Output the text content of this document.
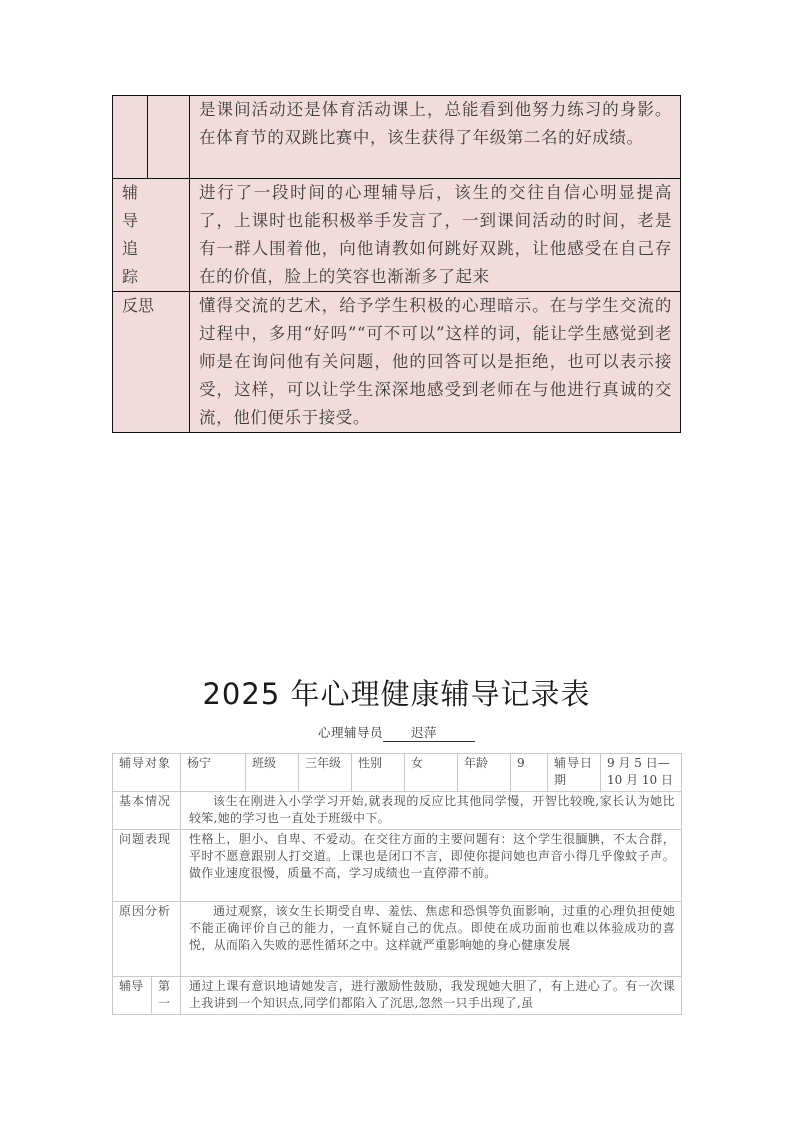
		是课间活动还是体育活动课上，总能看到他努力练习的身影。在体育节的双跳比赛中，该生获得了年级第二名的好成绩。

辅导追踪		进行了一段时间的心理辅导后，该生的交往自信心明显提高了，上课时也能积极举手发言了，一到课间活动的时间，老是有一群人围着他，向他请教如何跳好双跳，让他感受在自己存在的价值，脸上的笑容也渐渐多了起来

反思		懂得交流的艺术，给予学生积极的心理暗示。在与学生交流的过程中，多用“好吗”“可不可以”这样的词，能让学生感觉到老师是在询问他有关问题，他的回答可以是拒绝，也可以表示接受，这样，可以让学生深深地感受到老师在与他进行真诚的交流，他们便乐于接受。
2025 年心理健康辅导记录表
心理辅导员 迟萍
辅导对象	杨宁	班级	三年级	性别	女	年龄	9	辅导日期	9 月 5 日—10 月 10 日
基本情况	该生在刚进入小学学习开始,就表现的反应比其他同学慢，开智比较晚,家长认为她比较笨,她的学习也一直处于班级中下。								
问题表现	性格上，胆小、自卑、不爱动。在交往方面的主要问题有：这个学生很腼腆，不太合群，平时不愿意跟别人打交道。上课也是闭口不言，即使你提问她也声音小得几乎像蚊子声。做作业速度很慢，质量不高，学习成绩也一直停滞不前。								
原因分析	通过观察，该女生长期受自卑、羞怯、焦虑和恐惧等负面影响，过重的心理负担使她不能正确评价自己的能力，一直怀疑自己的优点。即使在成功面前也难以体验成功的喜悦，从而陷入失败的恶性循环之中。这样就严重影响她的身心健康发展								

辅导 第一	通过上课有意识地请她发言，进行激励性鼓励，我发现她大胆了，有上进心了。有一次课上我讲到一个知识点,同学们都陷入了沉思,忽然一只手出现了,虽								
